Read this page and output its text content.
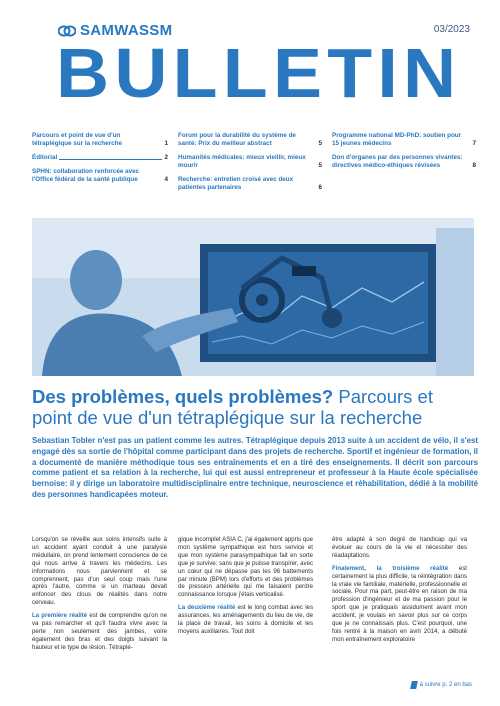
SAMWASSM	03/2023
BULLETIN
Parcours et point de vue d'un tétraplégique sur la recherche	1
Éditorial	2
SPHN: collaboration renforcée avec l'Office fédéral de la santé publique	4
Forum pour la durabilité du système de santé: Prix du meilleur abstract	5
Humanités médicales: mieux vieillir, mieux mourir	5
Recherche: entretien croisé avec deux patientes partenaires	6
Programme national MD-PhD: soutien pour 15 jeunes médecins	7
Don d'organes par des personnes vivantes: directives médico-éthiques révisées	8
Des problèmes, quels problèmes? Parcours et point de vue d'un tétraplégique sur la recherche
Sebastian Tobler n'est pas un patient comme les autres. Tétraplégique depuis 2013 suite à un accident de vélo, il s'est engagé dès sa sortie de l'hôpital comme participant dans des projets de recherche. Sportif et ingénieur de formation, il a documenté de manière méthodique tous ses entraînements et en a tiré des enseignements. Il décrit son parcours comme patient et sa relation à la recherche, lui qui est aussi entrepreneur et professeur à la Haute école spécialisée bernoise: il y dirige un laboratoire multidisciplinaire entre technique, neuroscience et réhabilitation, dédié à la mobilité des personnes handicapées moteur.

Lorsqu'on se réveille aux soins intensifs suite à un accident ayant conduit à une paralysie médullaire, on prend lentement conscience de ce qui nous arrive à travers les médecins. Les informations nous parviennent et se comprennent, pas d'un seul coup mais l'une après l'autre, comme si un marteau devait enfoncer des clous de réalités dans notre cerveau.

La première réalité est de comprendre qu'on ne va pas remarcher et qu'il faudra vivre avec la perte non seulement des jambes, voire également des bras et des doigts suivant la hauteur et le type de lésion. Tétraplé-

gique incomplet ASIA C, j'ai également appris que mon système sympathique est hors service et que mon système parasympathique fait en sorte que je survive: sans que je puisse transpirer, avec un cœur qui ne dépasse pas les 96 battements par minute (BPM) lors d'efforts et des problèmes de pression artérielle qui me faisaient perdre connaissance lorsque j'étais verticalisé.

La deuxième réalité est le long combat avec les assurances, les aménagements du lieu de vie, de la place de travail, les soins à domicile et les moyens auxiliaires. Tout doit

être adapté à son degré de handicap qui va évoluer au cours de la vie et nécessiter des réadaptations.

Finalement, la troisième réalité est certainement la plus difficile, la réintégration dans la vraie vie familiale, matérielle, professionnelle et sociale. Pour ma part, peut-être en raison de ma profession d'ingénieur et de ma passion pour le sport que je pratiquais assidument avant mon accident, je voulais en savoir plus sur ce corps que je ne connaissais plus. C'est pourquoi, une fois rentré à la maison en avril 2014, a débuté mon entraînement exploratoire

à suivre p. 2 en bas
